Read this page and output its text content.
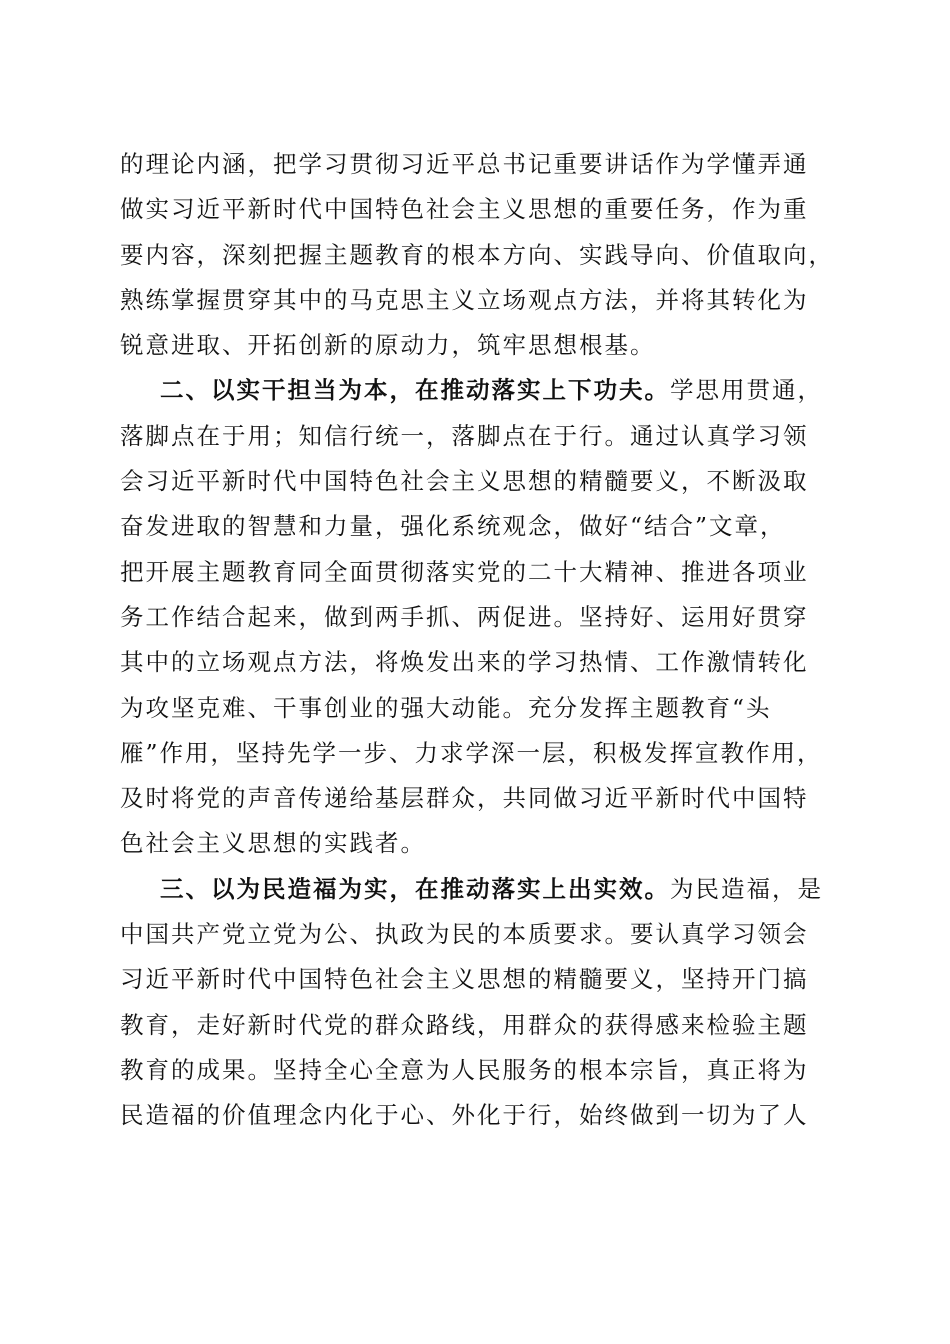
的理论内涵，把学习贯彻习近平总书记重要讲话作为学懂弄通
做实习近平新时代中国特色社会主义思想的重要任务，作为重
要内容，深刻把握主题教育的根本方向、实践导向、价值取向，
熟练掌握贯穿其中的马克思主义立场观点方法，并将其转化为
锐意进取、开拓创新的原动力，筑牢思想根基。
二、以实干担当为本，在推动落实上下功夫。学思用贯通，
落脚点在于用；知信行统一，落脚点在于行。通过认真学习领
会习近平新时代中国特色社会主义思想的精髓要义，不断汲取
奋发进取的智慧和力量，强化系统观念，做好“结合”文章，
把开展主题教育同全面贯彻落实党的二十大精神、推进各项业
务工作结合起来，做到两手抓、两促进。坚持好、运用好贯穿
其中的立场观点方法，将焕发出来的学习热情、工作激情转化
为攻坚克难、干事创业的强大动能。充分发挥主题教育“头
雁”作用，坚持先学一步、力求学深一层，积极发挥宣教作用，
及时将党的声音传递给基层群众，共同做习近平新时代中国特
色社会主义思想的实践者。
三、以为民造福为实，在推动落实上出实效。为民造福，是
中国共产党立党为公、执政为民的本质要求。要认真学习领会
习近平新时代中国特色社会主义思想的精髓要义，坚持开门搞
教育，走好新时代党的群众路线，用群众的获得感来检验主题
教育的成果。坚持全心全意为人民服务的根本宗旨，真正将为
民造福的价值理念内化于心、外化于行，始终做到一切为了人
